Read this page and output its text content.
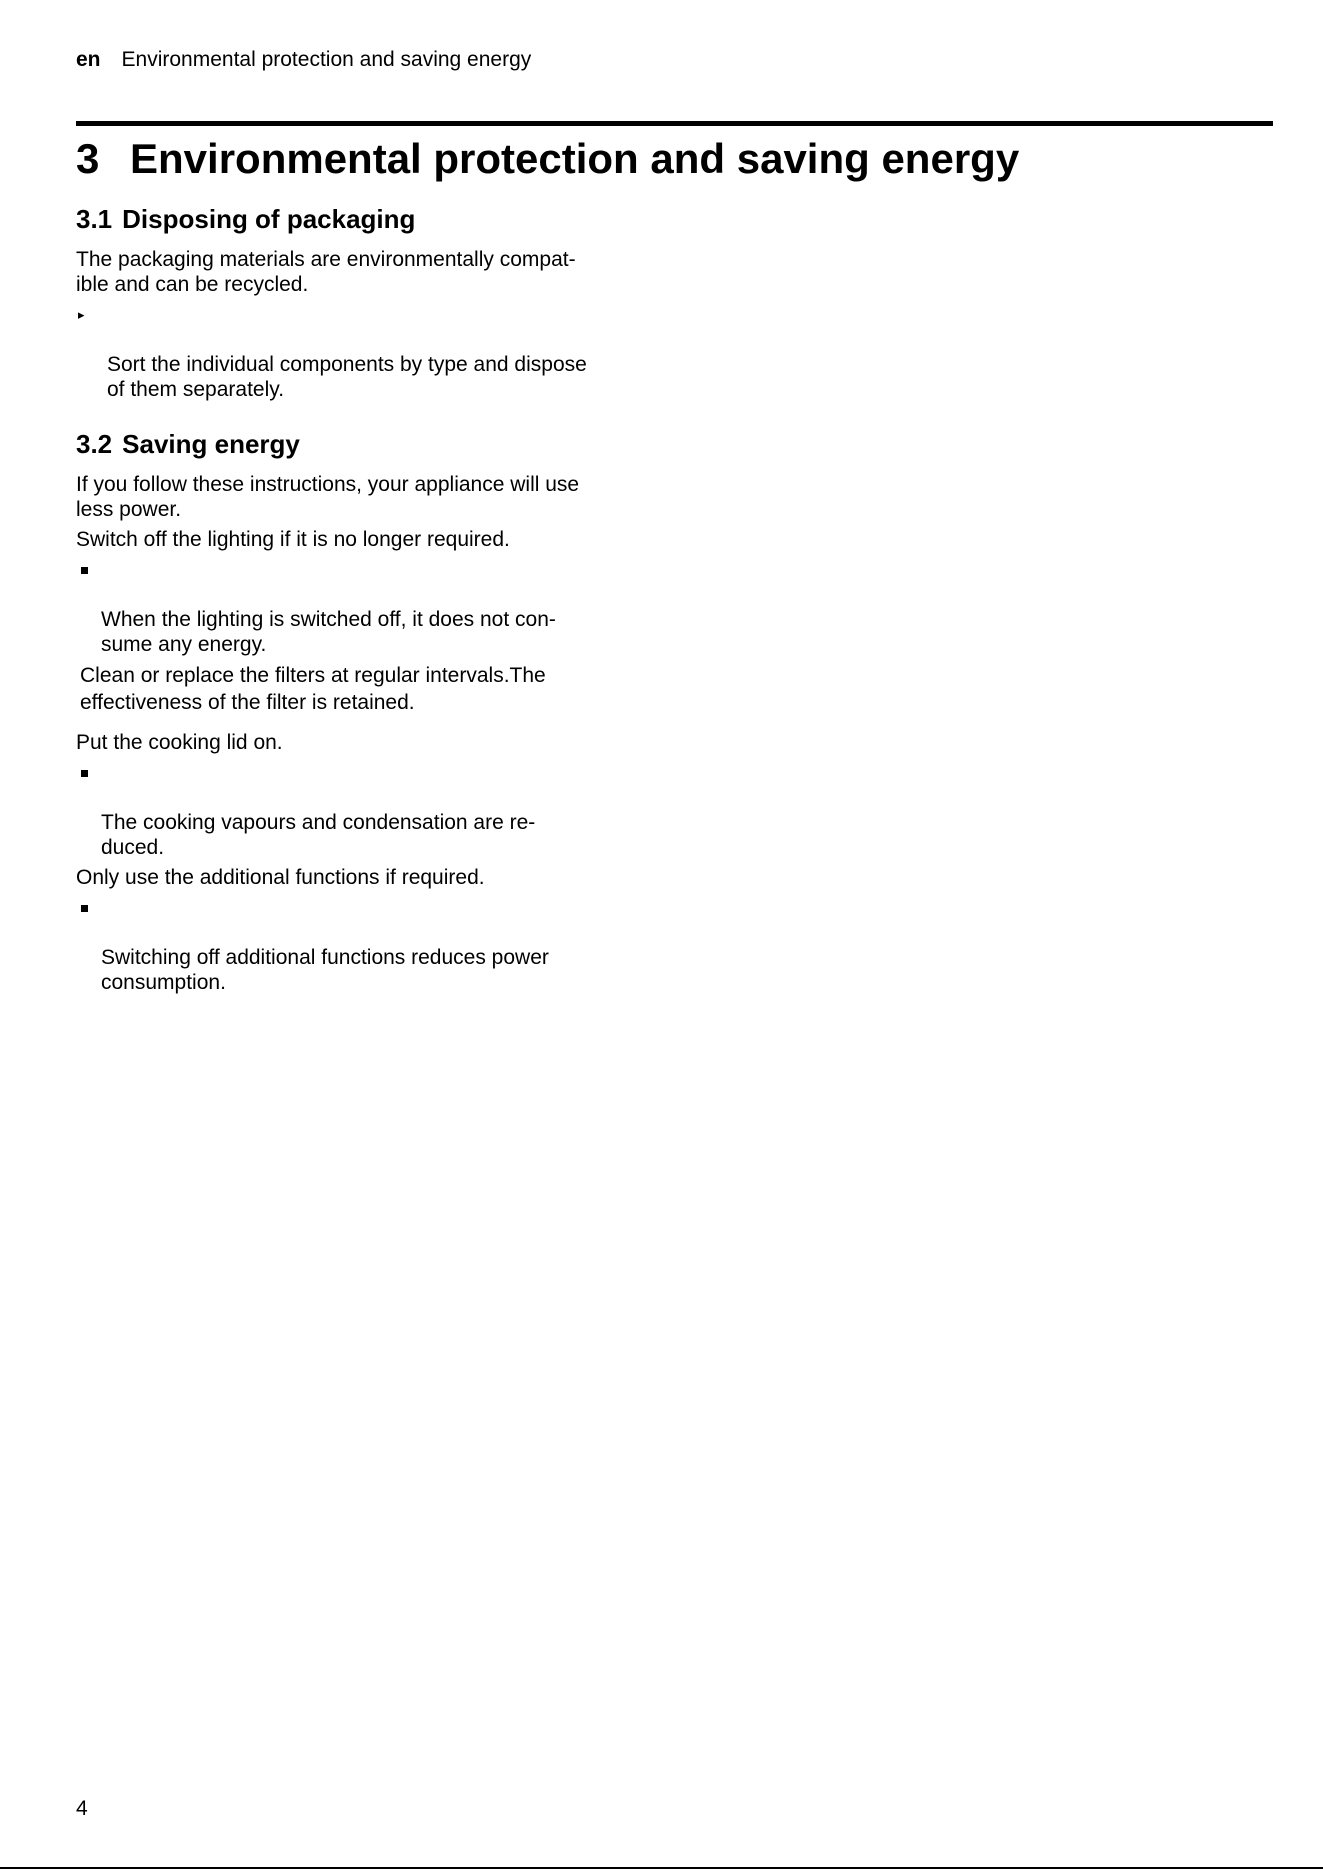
en Environmental protection and saving energy
3 Environmental protection and saving energy
3.1 Disposing of packaging

The packaging materials are environmentally compat-
ible and can be recycled.

▸

Sort the individual components by type and dispose
of them separately.

3.2 Saving energy

If you follow these instructions, your appliance will use
less power.

Switch off the lighting if it is no longer required.

When the lighting is switched off, it does not con-
sume any energy.

Clean or replace the filters at regular intervals.The
effectiveness of the filter is retained.

Put the cooking lid on.

The cooking vapours and condensation are re-
duced.

Only use the additional functions if required.

Switching off additional functions reduces power
consumption.

4
